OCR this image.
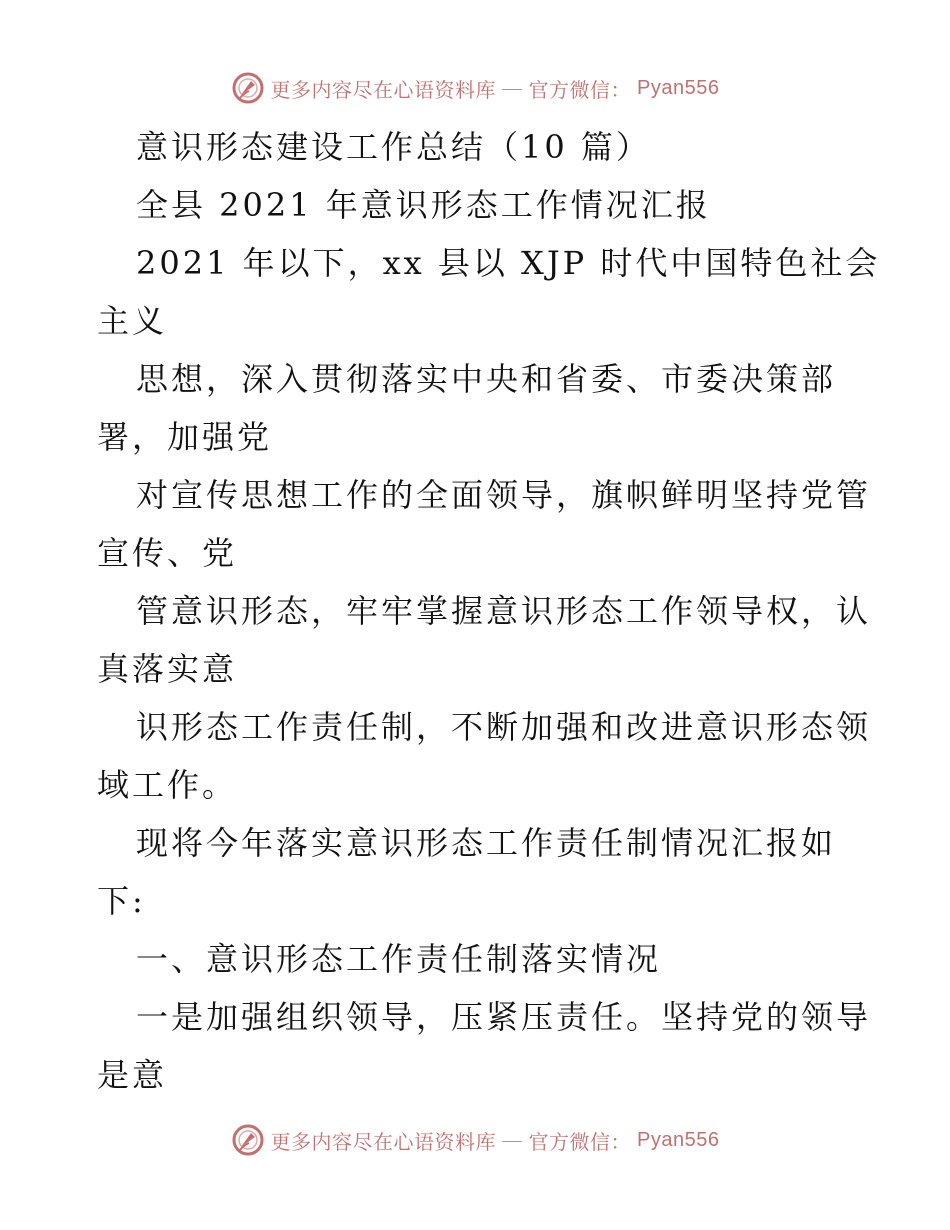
更多内容尽在心语资料库 — 官方微信： Pyan556
意识形态建设工作总结（10 篇）
全县 2021 年意识形态工作情况汇报
2021 年以下，xx 县以 XJP 时代中国特色社会
主义
思想，深入贯彻落实中央和省委、市委决策部
署，加强党
对宣传思想工作的全面领导，旗帜鲜明坚持党管
宣传、党
管意识形态，牢牢掌握意识形态工作领导权，认
真落实意
识形态工作责任制，不断加强和改进意识形态领
域工作。
现将今年落实意识形态工作责任制情况汇报如
下:
一、意识形态工作责任制落实情况
一是加强组织领导，压紧压责任。坚持党的领导
是意
更多内容尽在心语资料库 — 官方微信： Pyan556
